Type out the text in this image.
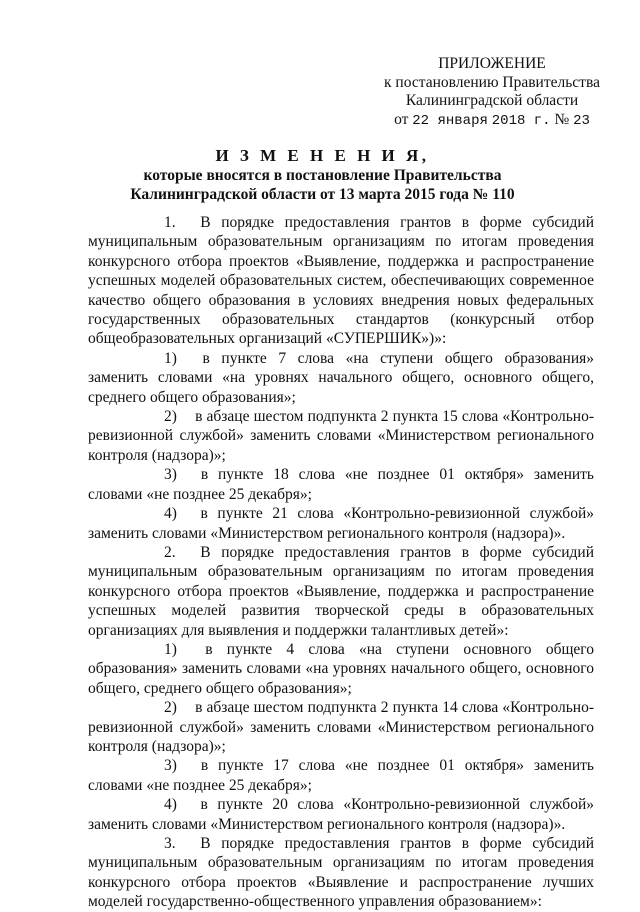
ПРИЛОЖЕНИЕ
к постановлению Правительства
Калининградской области
от 22 января 2018 г. № 23
И З М Е Н Е Н И Я,
которые вносятся в постановление Правительства
Калининградской области от 13 марта 2015 года № 110

1. В порядке предоставления грантов в форме субсидий муниципальным образовательным организациям по итогам проведения конкурсного отбора проектов «Выявление, поддержка и распространение успешных моделей образовательных систем, обеспечивающих современное качество общего образования в условиях внедрения новых федеральных государственных образовательных стандартов (конкурсный отбор общеобразовательных организаций «СУПЕРШИК»)»:

1) в пункте 7 слова «на ступени общего образования» заменить словами «на уровнях начального общего, основного общего, среднего общего образования»;

2) в абзаце шестом подпункта 2 пункта 15 слова «Контрольно-ревизионной службой» заменить словами «Министерством регионального контроля (надзора)»;

3) в пункте 18 слова «не позднее 01 октября» заменить словами «не позднее 25 декабря»;

4) в пункте 21 слова «Контрольно-ревизионной службой» заменить словами «Министерством регионального контроля (надзора)».

2. В порядке предоставления грантов в форме субсидий муниципальным образовательным организациям по итогам проведения конкурсного отбора проектов «Выявление, поддержка и распространение успешных моделей развития творческой среды в образовательных организациях для выявления и поддержки талантливых детей»:

1) в пункте 4 слова «на ступени основного общего образования» заменить словами «на уровнях начального общего, основного общего, среднего общего образования»;

2) в абзаце шестом подпункта 2 пункта 14 слова «Контрольно-ревизионной службой» заменить словами «Министерством регионального контроля (надзора)»;

3) в пункте 17 слова «не позднее 01 октября» заменить словами «не позднее 25 декабря»;

4) в пункте 20 слова «Контрольно-ревизионной службой» заменить словами «Министерством регионального контроля (надзора)».

3. В порядке предоставления грантов в форме субсидий муниципальным образовательным организациям по итогам проведения конкурсного отбора проектов «Выявление и распространение лучших моделей государственно-общественного управления образованием»:
